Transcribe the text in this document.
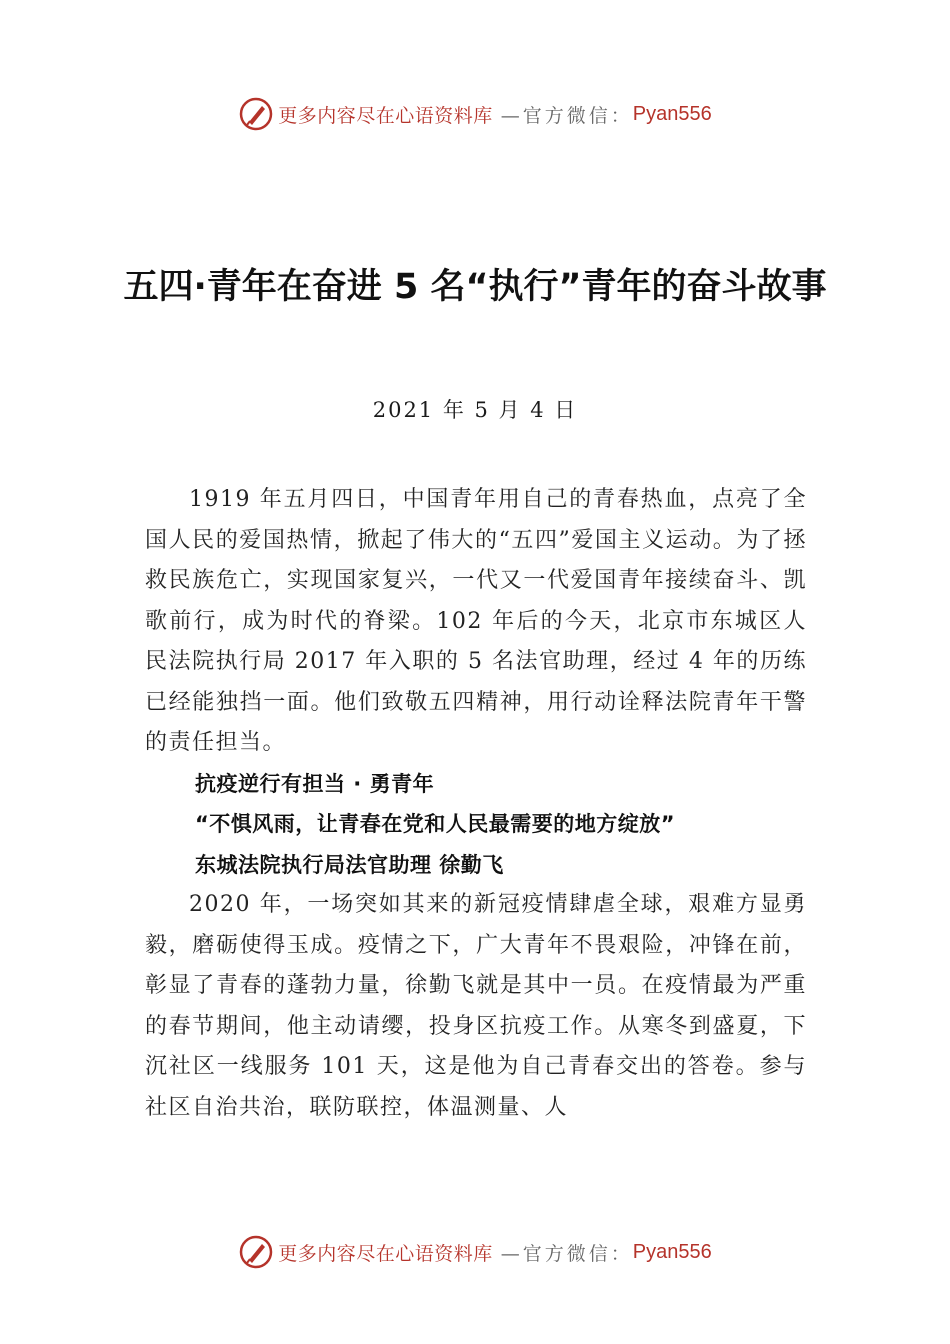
更多内容尽在心语资料库 —官方微信： Pyan556
五四·青年在奋进 5 名“执行”青年的奋斗故事
2021 年 5 月 4 日

1919 年五月四日，中国青年用自己的青春热血，点亮了全国人民的爱国热情，掀起了伟大的“五四”爱国主义运动。为了拯救民族危亡，实现国家复兴，一代又一代爱国青年接续奋斗、凯歌前行，成为时代的脊梁。102 年后的今天，北京市东城区人民法院执行局 2017 年入职的 5 名法官助理，经过 4 年的历练已经能独挡一面。他们致敬五四精神，用行动诠释法院青年干警的责任担当。

抗疫逆行有担当 · 勇青年

“不惧风雨，让青春在党和人民最需要的地方绽放”

东城法院执行局法官助理 徐勤飞

2020 年，一场突如其来的新冠疫情肆虐全球，艰难方显勇毅，磨砺使得玉成。疫情之下，广大青年不畏艰险，冲锋在前，彰显了青春的蓬勃力量，徐勤飞就是其中一员。在疫情最为严重的春节期间，他主动请缨，投身区抗疫工作。从寒冬到盛夏，下沉社区一线服务 101 天，这是他为自己青春交出的答卷。参与社区自治共治，联防联控，体温测量、人

更多内容尽在心语资料库 —官方微信： Pyan556
